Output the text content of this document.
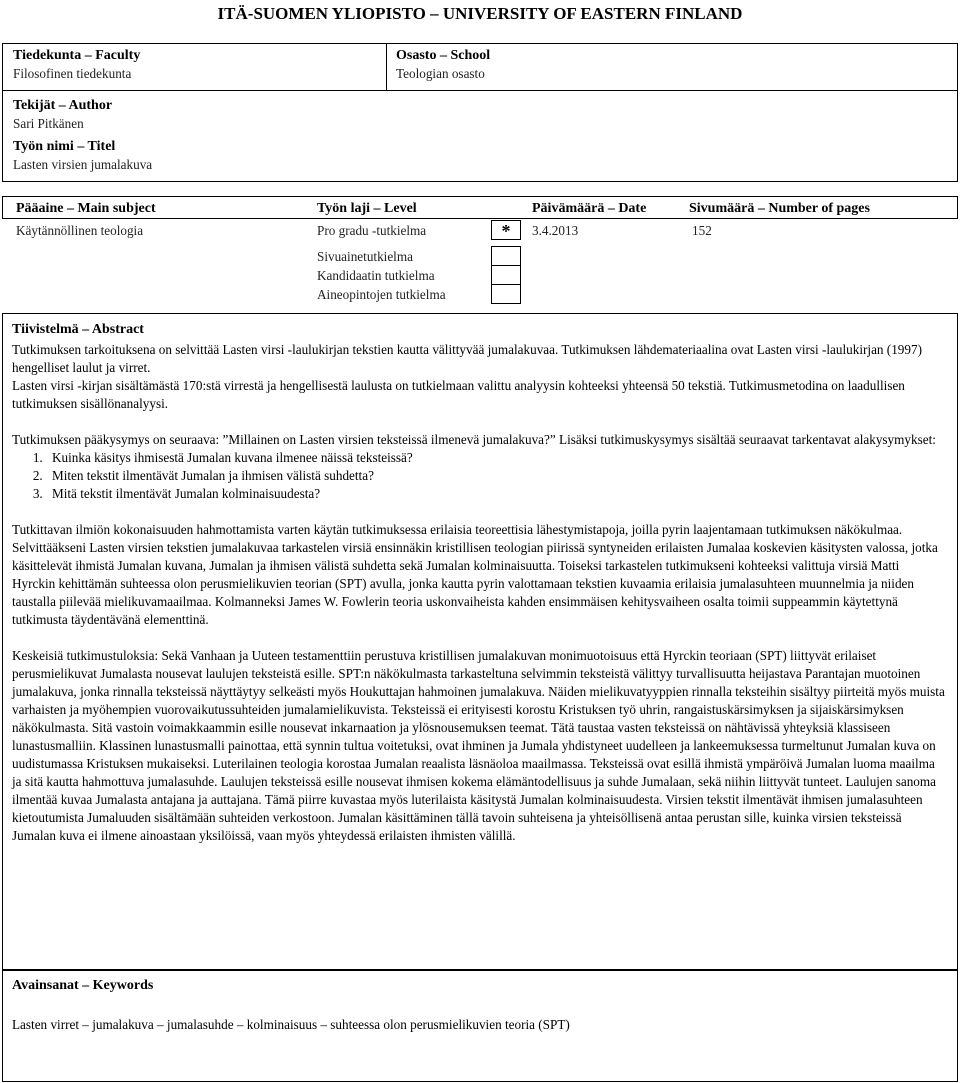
ITÄ-SUOMEN YLIOPISTO – UNIVERSITY OF EASTERN FINLAND
Tiedekunta – Faculty
Filosofinen tiedekunta
Osasto – School
Teologian osasto
Tekijät – Author
Sari Pitkänen
Työn nimi – Titel
Lasten virsien jumalakuva
Pääaine – Main subject	Työn laji – Level	Päivämäärä – Date	Sivumäärä – Number of pages
Käytännöllinen teologia	Pro gradu -tutkielma	*	3.4.2013	152
Sivuainetutkielma
Kandidaatin tutkielma
Aineopintojen tutkielma
Tiivistelmä – Abstract

Tutkimuksen tarkoituksena on selvittää Lasten virsi -laulukirjan tekstien kautta välittyvää jumalakuvaa. Tutkimuksen lähdemateriaalina ovat Lasten virsi -laulukirjan (1997) hengelliset laulut ja virret.

Lasten virsi -kirjan sisältämästä 170:stä virrestä ja hengellisestä laulusta on tutkielmaan valittu analyysin kohteeksi yhteensä 50 tekstiä. Tutkimusmetodina on laadullisen tutkimuksen sisällönanalyysi.

Tutkimuksen pääkysymys on seuraava: ”Millainen on Lasten virsien teksteissä ilmenevä jumalakuva?” Lisäksi tutkimuskysymys sisältää seuraavat tarkentavat alakysymykset:

1. Kuinka käsitys ihmisestä Jumalan kuvana ilmenee näissä teksteissä?
2. Miten tekstit ilmentävät Jumalan ja ihmisen välistä suhdetta?
3. Mitä tekstit ilmentävät Jumalan kolminaisuudesta?

Tutkittavan ilmiön kokonaisuuden hahmottamista varten käytän tutkimuksessa erilaisia teoreettisia lähestymistapoja, joilla pyrin laajentamaan tutkimuksen näkökulmaa. Selvittääkseni Lasten virsien tekstien jumalakuvaa tarkastelen virsiä ensinnäkin kristillisen teologian piirissä syntyneiden erilaisten Jumalaa koskevien käsitysten valossa, jotka käsittelevät ihmistä Jumalan kuvana, Jumalan ja ihmisen välistä suhdetta sekä Jumalan kolminaisuutta. Toiseksi tarkastelen tutkimukseni kohteeksi valittuja virsiä Matti Hyrckin kehittämän suhteessa olon perusmielikuvien teorian (SPT) avulla, jonka kautta pyrin valottamaan tekstien kuvaamia erilaisia jumalasuhteen muunnelmia ja niiden taustalla piilevää mielikuvamaailmaa. Kolmanneksi James W. Fowlerin teoria uskonvaiheista kahden ensimmäisen kehitysvaiheen osalta toimii suppeammin käytettynä tutkimusta täydentävänä elementtinä.

Keskeisiä tutkimustuloksia: Sekä Vanhaan ja Uuteen testamenttiin perustuva kristillisen jumalakuvan monimuotoisuus että Hyrckin teoriaan (SPT) liittyvät erilaiset perusmielikuvat Jumalasta nousevat laulujen teksteistä esille. SPT:n näkökulmasta tarkasteltuna selvimmin teksteistä välittyy turvallisuutta heijastava Parantajan muotoinen jumalakuva, jonka rinnalla teksteissä näyttäytyy selkeästi myös Houkuttajan hahmoinen jumalakuva. Näiden mielikuvatyyppien rinnalla teksteihin sisältyy piirteitä myös muista varhaisten ja myöhempien vuorovaikutussuhteiden jumalamielikuvista. Teksteissä ei erityisesti korostu Kristuksen työ uhrin, rangaistuskärsimyksen ja sijaiskärsimyksen näkökulmasta. Sitä vastoin voimakkaammin esille nousevat inkarnaation ja ylösnousemuksen teemat. Tätä taustaa vasten teksteissä on nähtävissä yhteyksiä klassiseen lunastusmalliin. Klassinen lunastusmalli painottaa, että synnin tultua voitetuksi, ovat ihminen ja Jumala yhdistyneet uudelleen ja lankeemuksessa turmeltunut Jumalan kuva on uudistumassa Kristuksen mukaiseksi. Luterilainen teologia korostaa Jumalan reaalista läsnäoloa maailmassa. Teksteissä ovat esillä ihmistä ympäröivä Jumalan luoma maailma ja sitä kautta hahmottuva jumalasuhde. Laulujen teksteissä esille nousevat ihmisen kokema elämäntodellisuus ja suhde Jumalaan, sekä niihin liittyvät tunteet. Laulujen sanoma ilmentää kuvaa Jumalasta antajana ja auttajana. Tämä piirre kuvastaa myös luterilaista käsitystä Jumalan kolminaisuudesta. Virsien tekstit ilmentävät ihmisen jumalasuhteen kietoutumista Jumaluuden sisältämään suhteiden verkostoon. Jumalan käsittäminen tällä tavoin suhteisena ja yhteisöllisenä antaa perustan sille, kuinka virsien teksteissä Jumalan kuva ei ilmene ainoastaan yksilöissä, vaan myös yhteydessä erilaisten ihmisten välillä.

Avainsanat – Keywords
Lasten virret – jumalakuva – jumalasuhde – kolminaisuus – suhteessa olon perusmielikuvien teoria (SPT)
